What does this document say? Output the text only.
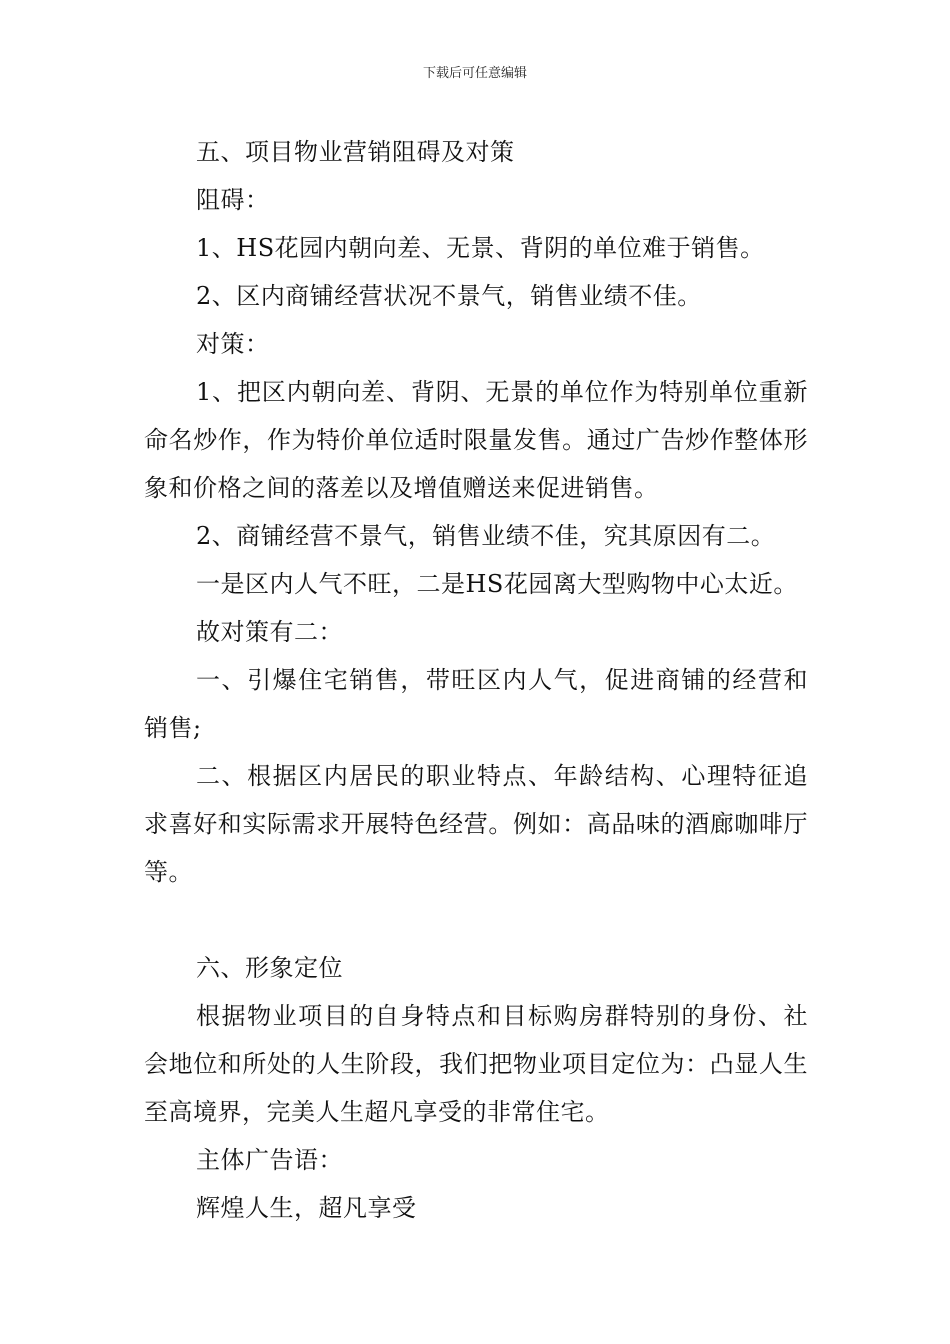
下载后可任意编辑

五、项目物业营销阻碍及对策

阻碍：

1、HS花园内朝向差、无景、背阴的单位难于销售。

2、区内商铺经营状况不景气，销售业绩不佳。

对策：

1、把区内朝向差、背阴、无景的单位作为特别单位重新命名炒作，作为特价单位适时限量发售。通过广告炒作整体形象和价格之间的落差以及增值赠送来促进销售。

2、商铺经营不景气，销售业绩不佳，究其原因有二。

一是区内人气不旺，二是HS花园离大型购物中心太近。

故对策有二：

一、引爆住宅销售，带旺区内人气，促进商铺的经营和销售;

二、根据区内居民的职业特点、年龄结构、心理特征追求喜好和实际需求开展特色经营。例如：高品味的酒廊咖啡厅等。

六、形象定位

根据物业项目的自身特点和目标购房群特别的身份、社会地位和所处的人生阶段，我们把物业项目定位为：凸显人生至高境界，完美人生超凡享受的非常住宅。

主体广告语：

辉煌人生，超凡享受
